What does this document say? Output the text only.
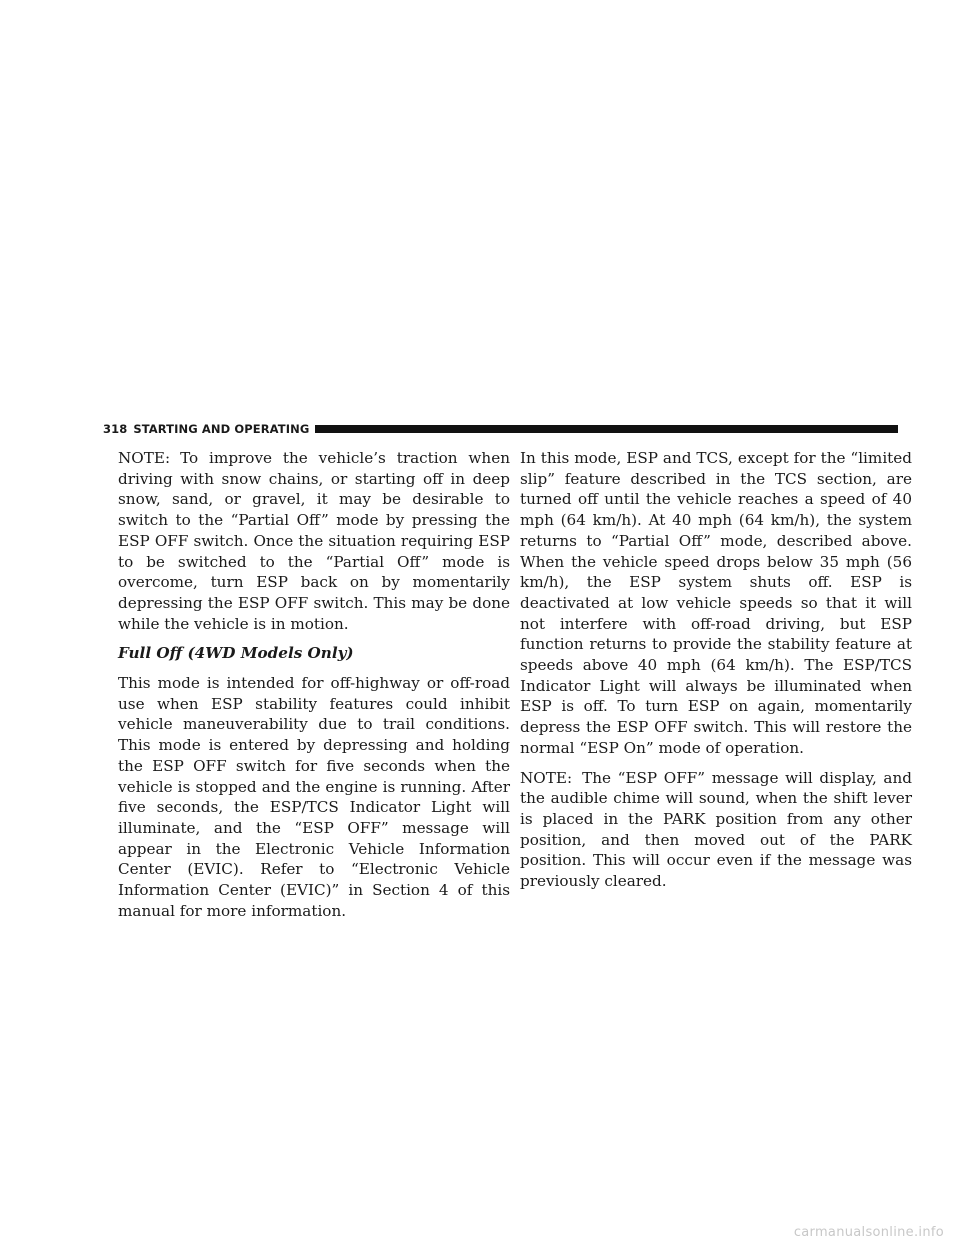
318 STARTING AND OPERATING

NOTE: To improve the vehicle’s traction when driving with snow chains, or starting off in deep snow, sand, or gravel, it may be desirable to switch to the “Partial Off” mode by pressing the ESP OFF switch. Once the situation requiring ESP to be switched to the “Partial Off” mode is overcome, turn ESP back on by momentarily depressing the ESP OFF switch. This may be done while the vehicle is in motion.

Full Off (4WD Models Only)

This mode is intended for off-highway or off-road use when ESP stability features could inhibit vehicle maneuverability due to trail conditions. This mode is entered by depressing and holding the ESP OFF switch for five seconds when the vehicle is stopped and the engine is running. After five seconds, the ESP/TCS Indicator Light will illuminate, and the “ESP OFF” message will appear in the Electronic Vehicle Information Center (EVIC). Refer to “Electronic Vehicle Information Center (EVIC)” in Section 4 of this manual for more information.

In this mode, ESP and TCS, except for the “limited slip” feature described in the TCS section, are turned off until the vehicle reaches a speed of 40 mph (64 km/h). At 40 mph (64 km/h), the system returns to “Partial Off” mode, described above. When the vehicle speed drops below 35 mph (56 km/h), the ESP system shuts off. ESP is deactivated at low vehicle speeds so that it will not interfere with off-road driving, but ESP function returns to provide the stability feature at speeds above 40 mph (64 km/h). The ESP/TCS Indicator Light will always be illuminated when ESP is off. To turn ESP on again, momentarily depress the ESP OFF switch. This will restore the normal “ESP On” mode of operation.

NOTE: The “ESP OFF” message will display, and the audible chime will sound, when the shift lever is placed in the PARK position from any other position, and then moved out of the PARK position. This will occur even if the message was previously cleared.

carmanualsonline.info
